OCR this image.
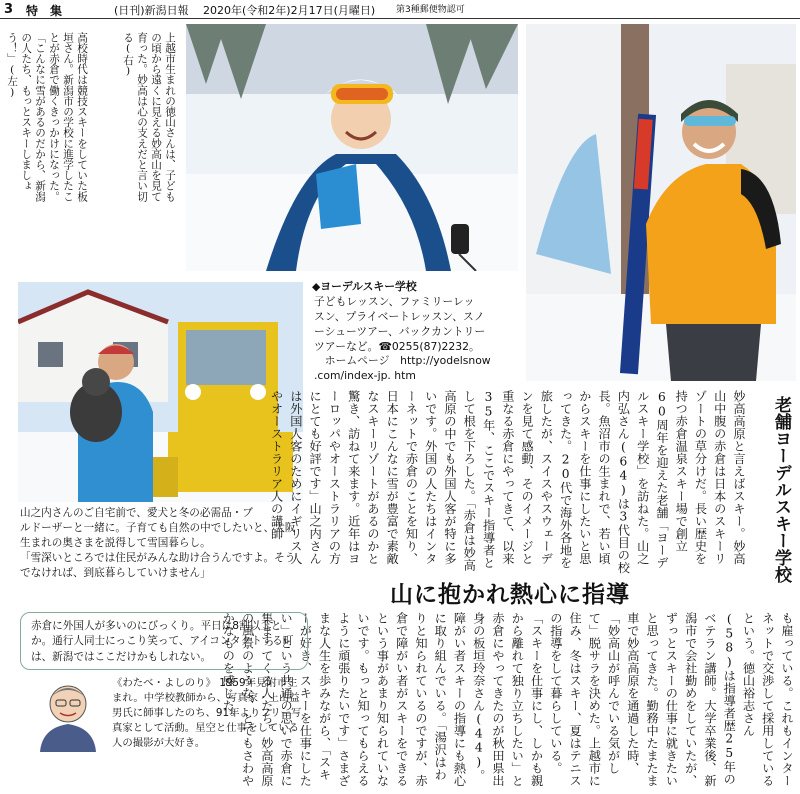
3 特　集	(日刊)新潟日報 2020年(令和2年)2月17日(月曜日) 第3種郵便物認可
上越市生まれの徳山さんは、子どもの頃から遠くに見える妙高山を見て育った。妙高は心の支えだと言い切る(右)
高校時代は競技スキーをしていた板垣さん。新潟市の学校に進学したことが赤倉で働くきっかけになった。「こんなに雪があるのだから、新潟の人たち、もっとスキーしましょう！」(左)
◆ヨーデルスキー学校
子どもレッスン、ファミリーレッ
スン、プライベートレッスン、スノ
ーシューツアー、バックカントリー
ツアーなど。☎0255(87)2232。
　ホームページ　http://yodelsnow
.com/index-jp. htm
山之内さんのご自宅前で、愛犬と冬の必需品・ブ
ルドーザーと一緒に。子育ても自然の中でしたいと、大阪生まれの奥さまを説得して雪国暮らし。
「雪深いところでは住民がみんな助け合うんですよ。そうでなければ、到底暮らしていけません」	老舗ヨーデルスキー学校
妙高高原と言えばスキー。妙高山中腹の赤倉は日本のスキーリゾートの草分けだ。長い歴史を持つ赤倉温泉スキー場で創立60周年を迎えた老舗「ヨーデルスキー学校」を訪ねた。山之内弘さん(64)は3代目の校長。魚沼市の生まれで、若い頃からスキーを仕事にしたいと思ってきた。20代で海外各地を旅したが、スイスやスウェーデンを見て感動、そのイメージと重なる赤倉にやってきて、以来35年、ここでスキー指導者として根を下ろした。「赤倉は妙高高原の中でも外国人客が特に多いです。外国の人たちはインターネットで赤倉のことを知り、日本にこんなに雪が豊富で素敵なスキーリゾートがあるのかと驚き、訪ねて来ます。近年はヨーロッパやオーストラリアの方にとても好評です」山之内さんは外国人客のためにイギリス人やオーストラリア人の講師
山に抱かれ熱心に指導
も雇っている。これもインターネットで交渉して採用しているという。徳山裕志さん(58)は指導者歴25年のベテラン講師。大学卒業後、新潟市で会社勤めをしていたが、ずっとスキーの仕事に就きたいと思ってきた。勤務中たまたま車で妙高高原を通過した時、「妙高山が呼んでいる気がして」脱サラを決めた。上越市に住み、冬はスキー、夏はテニスの指導をして暮らしている。「スキーを仕事にし、しかも親から離れて独り立ちしたい」と赤倉にやってきたのが秋田県出身の板垣玲奈さん(44)。障がい者スキーの指導にも熱心に取り組んでいる。「湯沢はわりと知られているのですが、赤倉で障がい者がスキーをできるという事があまり知られていないです。もっと知ってもらえるように頑張りたいです」さまざまな人生を歩みながら、「スキーが好き、スキーを仕事にしたい」という共通の思いで赤倉に集まってくる人たち。妙高高原の風景のような、とてもさわやかなものを感じた。
赤倉に外国人が多いのにびっくり。平日は8割以上とか。通行人同士にっこり笑って、アイコンタクトする町は、新潟ではここだけかもしれない。
《わたべ・よしのり》 1959年見附市生まれ。中学校教師から、写真家・上山益男氏に師事したのち、91年よりフリー写真家として活動。星空と仕事をしている人の撮影が大好き。
